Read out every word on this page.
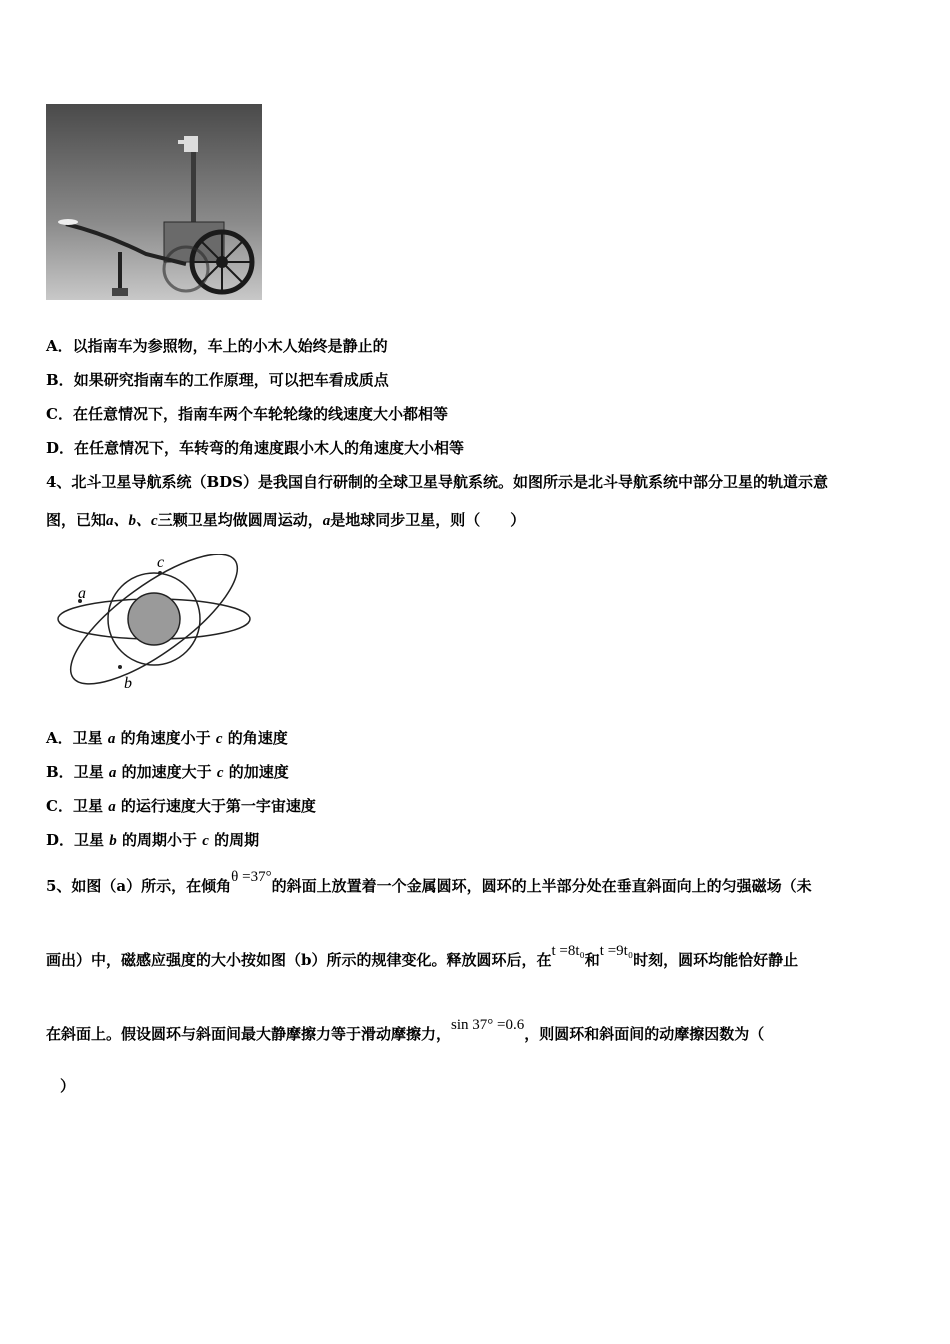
A．以指南车为参照物，车上的小木人始终是静止的
B．如果研究指南车的工作原理，可以把车看成质点
C．在任意情况下，指南车两个车轮轮缘的线速度大小都相等
D．在任意情况下，车转弯的角速度跟小木人的角速度大小相等
4、北斗卫星导航系统（BDS）是我国自行研制的全球卫星导航系统。如图所示是北斗导航系统中部分卫星的轨道示意
图，已知a、b、c三颗卫星均做圆周运动，a是地球同步卫星，则（　　）
c
a
b
A．卫星 a 的角速度小于 c 的角速度
B．卫星 a 的加速度大于 c 的加速度
C．卫星 a 的运行速度大于第一宇宙速度
D．卫星 b 的周期小于 c 的周期
5、如图（a）所示，在倾角θ =37°的斜面上放置着一个金属圆环，圆环的上半部分处在垂直斜面向上的匀强磁场（未
画出）中，磁感应强度的大小按如图（b）所示的规律变化。释放圆环后，在t =8t₀和t =9t₀时刻，圆环均能恰好静止
在斜面上。假设圆环与斜面间最大静摩擦力等于滑动摩擦力，sin 37° =0.6，则圆环和斜面间的动摩擦因数为（
）
